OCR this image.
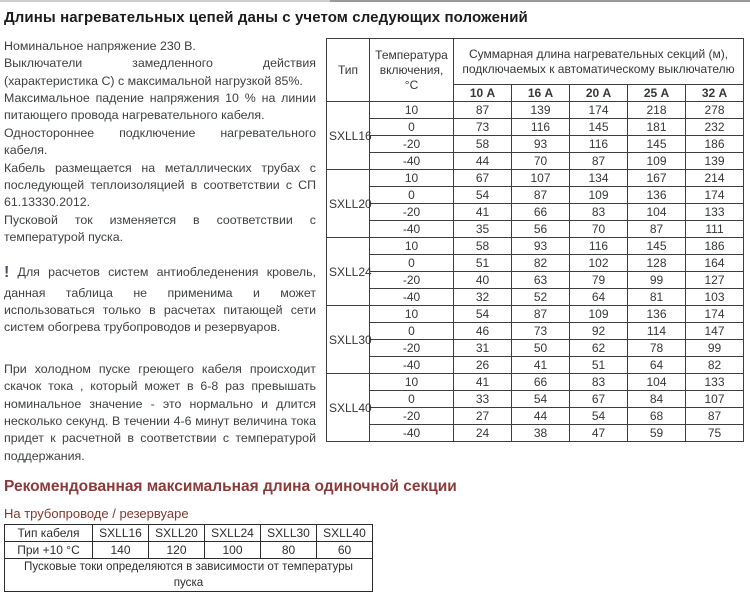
Длины нагревательных цепей даны с учетом следующих положений

Номинальное напряжение 230 В.

Выключатели замедленного действия (характеристика С) с максимальной нагрузкой 85%.

Максимальное падение напряжения 10 % на линии питающего провода нагревательного кабеля.

Одностороннее подключение нагревательного кабеля.

Кабель размещается на металлических трубах с последующей теплоизоляцией в соответствии с СП 61.13330.2012.

Пусковой ток изменяется в соответствии с температурой пуска.

! Для расчетов систем антиобледенения кровель, данная таблица не применима и может использоваться только в расчетах питающей сети систем обогрева трубопроводов и резервуаров.

При холодном пуске греющего кабеля происходит скачок тока , который может в 6-8 раз превышать номинальное значение - это нормально и длится несколько секунд. В течении 4-6 минут величина тока придет к расчетной в соответствии с температурой поддержания.

Тип	Температура включения, °С	Суммарная длина нагревательных секций (м), подключаемых к автоматическому выключателю				
		10 А	16 А	20 А	25 А	32 А
SXLL16	10	87	139	174	218	278
	0	73	116	145	181	232
	-20	58	93	116	145	186
	-40	44	70	87	109	139
SXLL20	10	67	107	134	167	214
	0	54	87	109	136	174
	-20	41	66	83	104	133
	-40	35	56	70	87	111
SXLL24	10	58	93	116	145	186
	0	51	82	102	128	164
	-20	40	63	79	99	127
	-40	32	52	64	81	103
SXLL30	10	54	87	109	136	174
	0	46	73	92	114	147
	-20	31	50	62	78	99
	-40	26	41	51	64	82
SXLL40	10	41	66	83	104	133
	0	33	54	67	84	107
	-20	27	44	54	68	87
	-40	24	38	47	59	75
Рекомендованная максимальная длина одиночной секции

На трубопроводе / резервуаре

Тип кабеля	SXLL16	SXLL20	SXLL24	SXLL30	SXLL40
При +10 °С	140	120	100	80	60
Пусковые токи определяются в зависимости от температуры пуска					
